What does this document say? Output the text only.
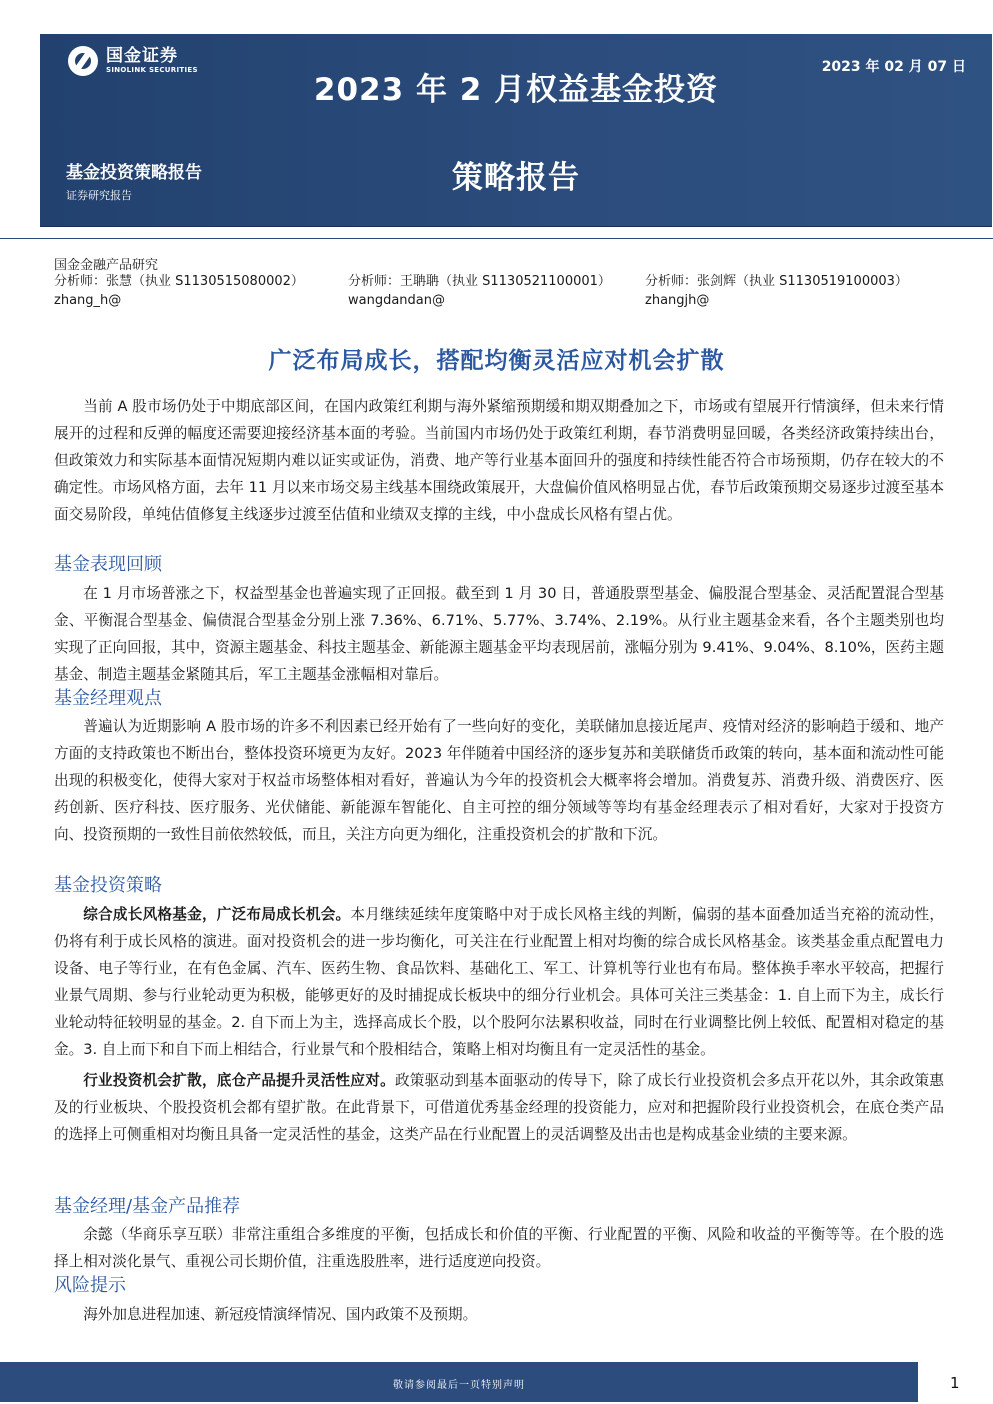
国金证券
SINOLINK SECURITIES	2023 年 02 月 07 日
2023 年 2 月权益基金投资
策略报告
基金投资策略报告
证券研究报告
国金金融产品研究
分析师：张慧（执业 S1130515080002）
zhang_h@
分析师：王聃聃（执业 S1130521100001）
wangdandan@
分析师：张剑辉（执业 S1130519100003）
zhangjh@
广泛布局成长，搭配均衡灵活应对机会扩散

当前 A 股市场仍处于中期底部区间，在国内政策红利期与海外紧缩预期缓和期双期叠加之下，市场或有望展开行情演绎，但未来行情展开的过程和反弹的幅度还需要迎接经济基本面的考验。当前国内市场仍处于政策红利期，春节消费明显回暖，各类经济政策持续出台，但政策效力和实际基本面情况短期内难以证实或证伪，消费、地产等行业基本面回升的强度和持续性能否符合市场预期，仍存在较大的不确定性。市场风格方面，去年 11 月以来市场交易主线基本围绕政策展开，大盘偏价值风格明显占优，春节后政策预期交易逐步过渡至基本面交易阶段，单纯估值修复主线逐步过渡至估值和业绩双支撑的主线，中小盘成长风格有望占优。

基金表现回顾

在 1 月市场普涨之下，权益型基金也普遍实现了正回报。截至到 1 月 30 日，普通股票型基金、偏股混合型基金、灵活配置混合型基金、平衡混合型基金、偏债混合型基金分别上涨 7.36%、6.71%、5.77%、3.74%、2.19%。从行业主题基金来看，各个主题类别也均实现了正向回报，其中，资源主题基金、科技主题基金、新能源主题基金平均表现居前，涨幅分别为 9.41%、9.04%、8.10%，医药主题基金、制造主题基金紧随其后，军工主题基金涨幅相对靠后。

基金经理观点

普遍认为近期影响 A 股市场的许多不利因素已经开始有了一些向好的变化，美联储加息接近尾声、疫情对经济的影响趋于缓和、地产方面的支持政策也不断出台，整体投资环境更为友好。2023 年伴随着中国经济的逐步复苏和美联储货币政策的转向，基本面和流动性可能出现的积极变化，使得大家对于权益市场整体相对看好，普遍认为今年的投资机会大概率将会增加。消费复苏、消费升级、消费医疗、医药创新、医疗科技、医疗服务、光伏储能、新能源车智能化、自主可控的细分领域等等均有基金经理表示了相对看好，大家对于投资方向、投资预期的一致性目前依然较低，而且，关注方向更为细化，注重投资机会的扩散和下沉。

基金投资策略

综合成长风格基金，广泛布局成长机会。本月继续延续年度策略中对于成长风格主线的判断，偏弱的基本面叠加适当充裕的流动性，仍将有利于成长风格的演进。面对投资机会的进一步均衡化，可关注在行业配置上相对均衡的综合成长风格基金。该类基金重点配置电力设备、电子等行业，在有色金属、汽车、医药生物、食品饮料、基础化工、军工、计算机等行业也有布局。整体换手率水平较高，把握行业景气周期、参与行业轮动更为积极，能够更好的及时捕捉成长板块中的细分行业机会。具体可关注三类基金：1. 自上而下为主，成长行业轮动特征较明显的基金。2. 自下而上为主，选择高成长个股，以个股阿尔法累积收益，同时在行业调整比例上较低、配置相对稳定的基金。3. 自上而下和自下而上相结合，行业景气和个股相结合，策略上相对均衡且有一定灵活性的基金。

行业投资机会扩散，底仓产品提升灵活性应对。政策驱动到基本面驱动的传导下，除了成长行业投资机会多点开花以外，其余政策惠及的行业板块、个股投资机会都有望扩散。在此背景下，可借道优秀基金经理的投资能力，应对和把握阶段行业投资机会，在底仓类产品的选择上可侧重相对均衡且具备一定灵活性的基金，这类产品在行业配置上的灵活调整及出击也是构成基金业绩的主要来源。

基金经理/基金产品推荐

余懿（华商乐享互联）非常注重组合多维度的平衡，包括成长和价值的平衡、行业配置的平衡、风险和收益的平衡等等。在个股的选择上相对淡化景气、重视公司长期价值，注重选股胜率，进行适度逆向投资。

风险提示

海外加息进程加速、新冠疫情演绎情况、国内政策不及预期。

敬请参阅最后一页特别声明	1
